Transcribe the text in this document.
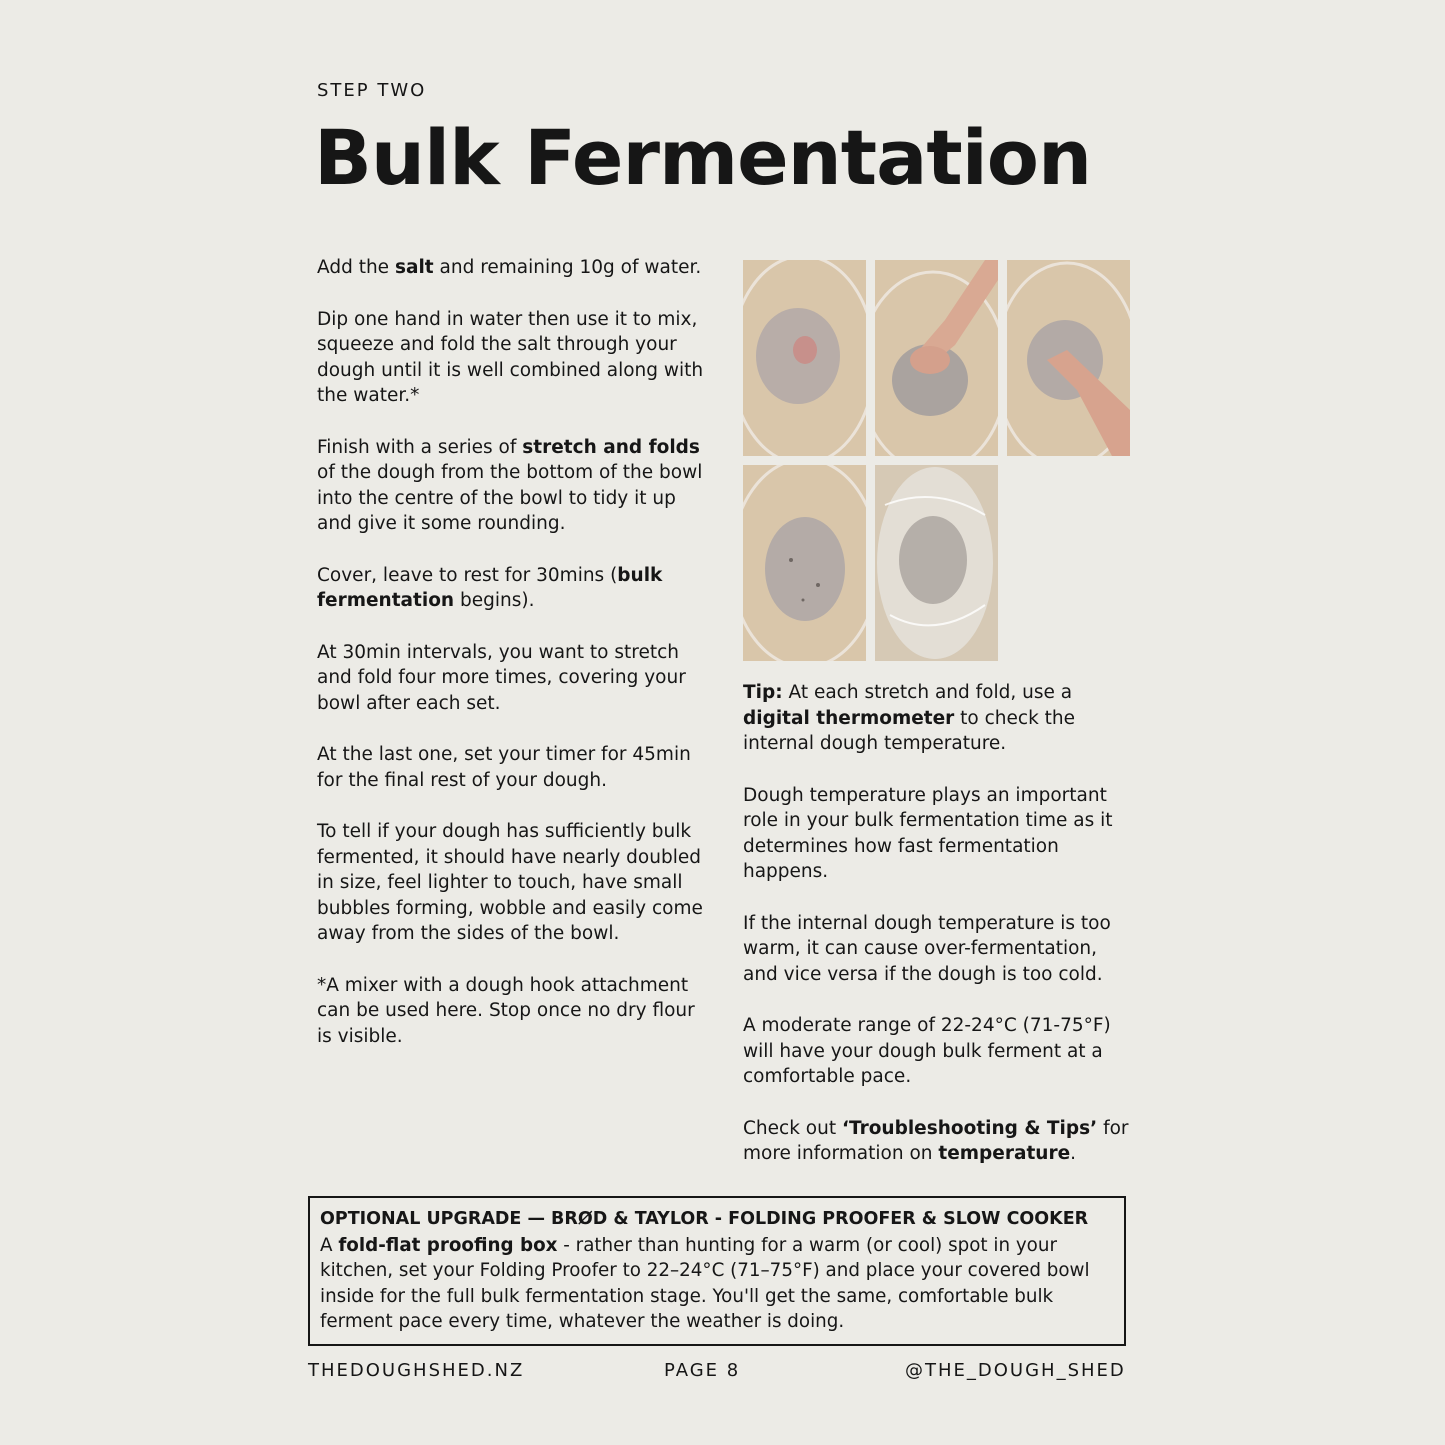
STEP TWO
Bulk Fermentation

Add the salt and remaining 10g of water.

Dip one hand in water then use it to mix, squeeze and fold the salt through your dough until it is well combined along with the water.*

Finish with a series of stretch and folds of the dough from the bottom of the bowl into the centre of the bowl to tidy it up and give it some rounding.

Cover, leave to rest for 30mins (bulk fermentation begins).

At 30min intervals, you want to stretch and fold four more times, covering your bowl after each set.

At the last one, set your timer for 45min for the final rest of your dough.

To tell if your dough has sufficiently bulk fermented, it should have nearly doubled in size, feel lighter to touch, have small bubbles forming, wobble and easily come away from the sides of the bowl.

*A mixer with a dough hook attachment can be used here. Stop once no dry flour is visible.

Tip: At each stretch and fold, use a digital thermometer to check the internal dough temperature.

Dough temperature plays an important role in your bulk fermentation time as it determines how fast fermentation happens.

If the internal dough temperature is too warm, it can cause over-fermentation, and vice versa if the dough is too cold.

A moderate range of 22-24°C (71-75°F) will have your dough bulk ferment at a comfortable pace.

Check out ‘Troubleshooting & Tips’ for more information on temperature.

OPTIONAL UPGRADE — BRØD & TAYLOR - FOLDING PROOFER & SLOW COOKER
A fold-flat proofing box - rather than hunting for a warm (or cool) spot in your kitchen, set your Folding Proofer to 22–24°C (71–75°F) and place your covered bowl inside for the full bulk fermentation stage. You'll get the same, comfortable bulk ferment pace every time, whatever the weather is doing.
THEDOUGHSHED.NZ	PAGE 8	@THE_DOUGH_SHED
